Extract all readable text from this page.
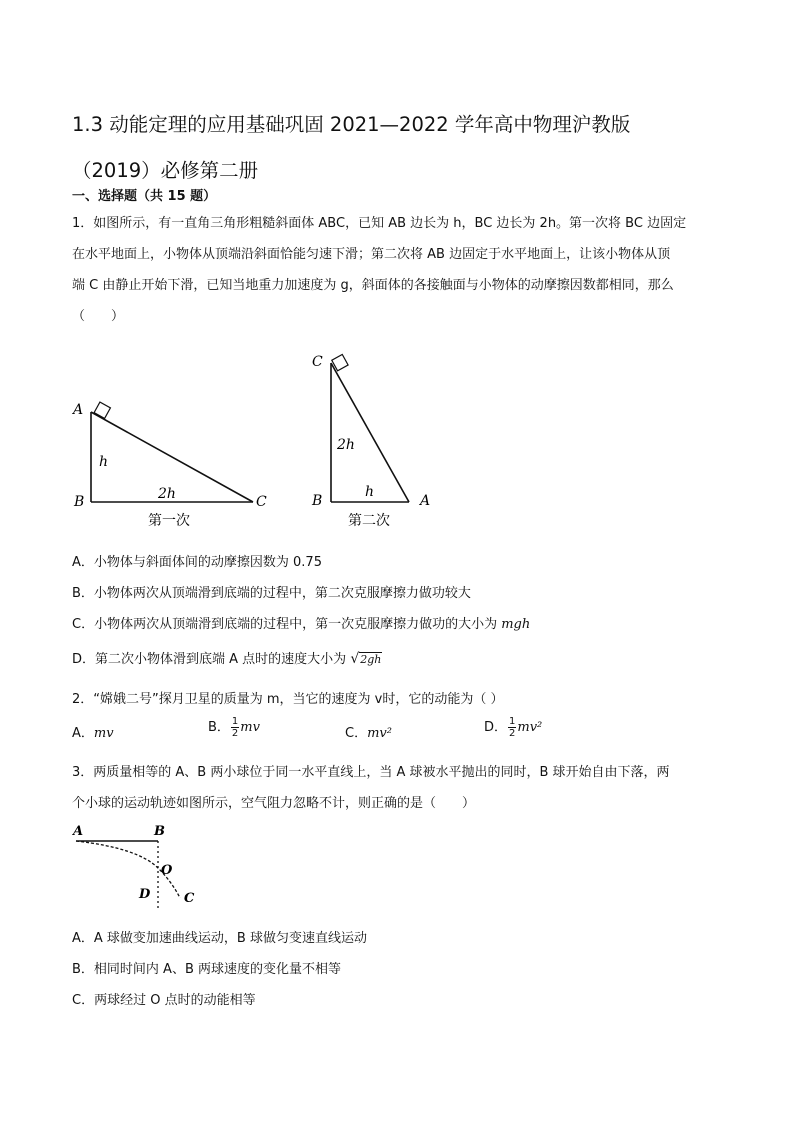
1.3 动能定理的应用基础巩固 2021—2022 学年高中物理沪教版
（2019）必修第二册
一、选择题（共 15 题）
1．如图所示，有一直角三角形粗糙斜面体 ABC，已知 AB 边长为 h，BC 边长为 2h。第一次将 BC 边固定
在水平地面上，小物体从顶端沿斜面恰能匀速下滑；第二次将 AB 边固定于水平地面上，让该小物体从顶
端 C 由静止开始下滑，已知当地重力加速度为 g，斜面体的各接触面与小物体的动摩擦因数都相同，那么
（　　）
A
h
B	2h	C
第一次
C
2h
B
h
A
第二次
A．小物体与斜面体间的动摩擦因数为 0.75
B．小物体两次从顶端滑到底端的过程中，第二次克服摩擦力做功较大
C．小物体两次从顶端滑到底端的过程中，第一次克服摩擦力做功的大小为 mgh
D．第二次小物体滑到底端 A 点时的速度大小为 √2gh
2．“嫦娥二号”探月卫星的质量为 m，当它的速度为 v时，它的动能为（ ）
A．mv	B． $\frac{1}{2}$ mv	C．mv²	D． $\frac{1}{2} mv^2$
3．两质量相等的 A、B 两小球位于同一水平直线上，当 A 球被水平抛出的同时，B 球开始自由下落，两
个小球的运动轨迹如图所示，空气阻力忽略不计，则正确的是（　　）
A	B
O
D	C
A．A 球做变加速曲线运动，B 球做匀变速直线运动
B．相同时间内 A、B 两球速度的变化量不相等
C．两球经过 O 点时的动能相等
